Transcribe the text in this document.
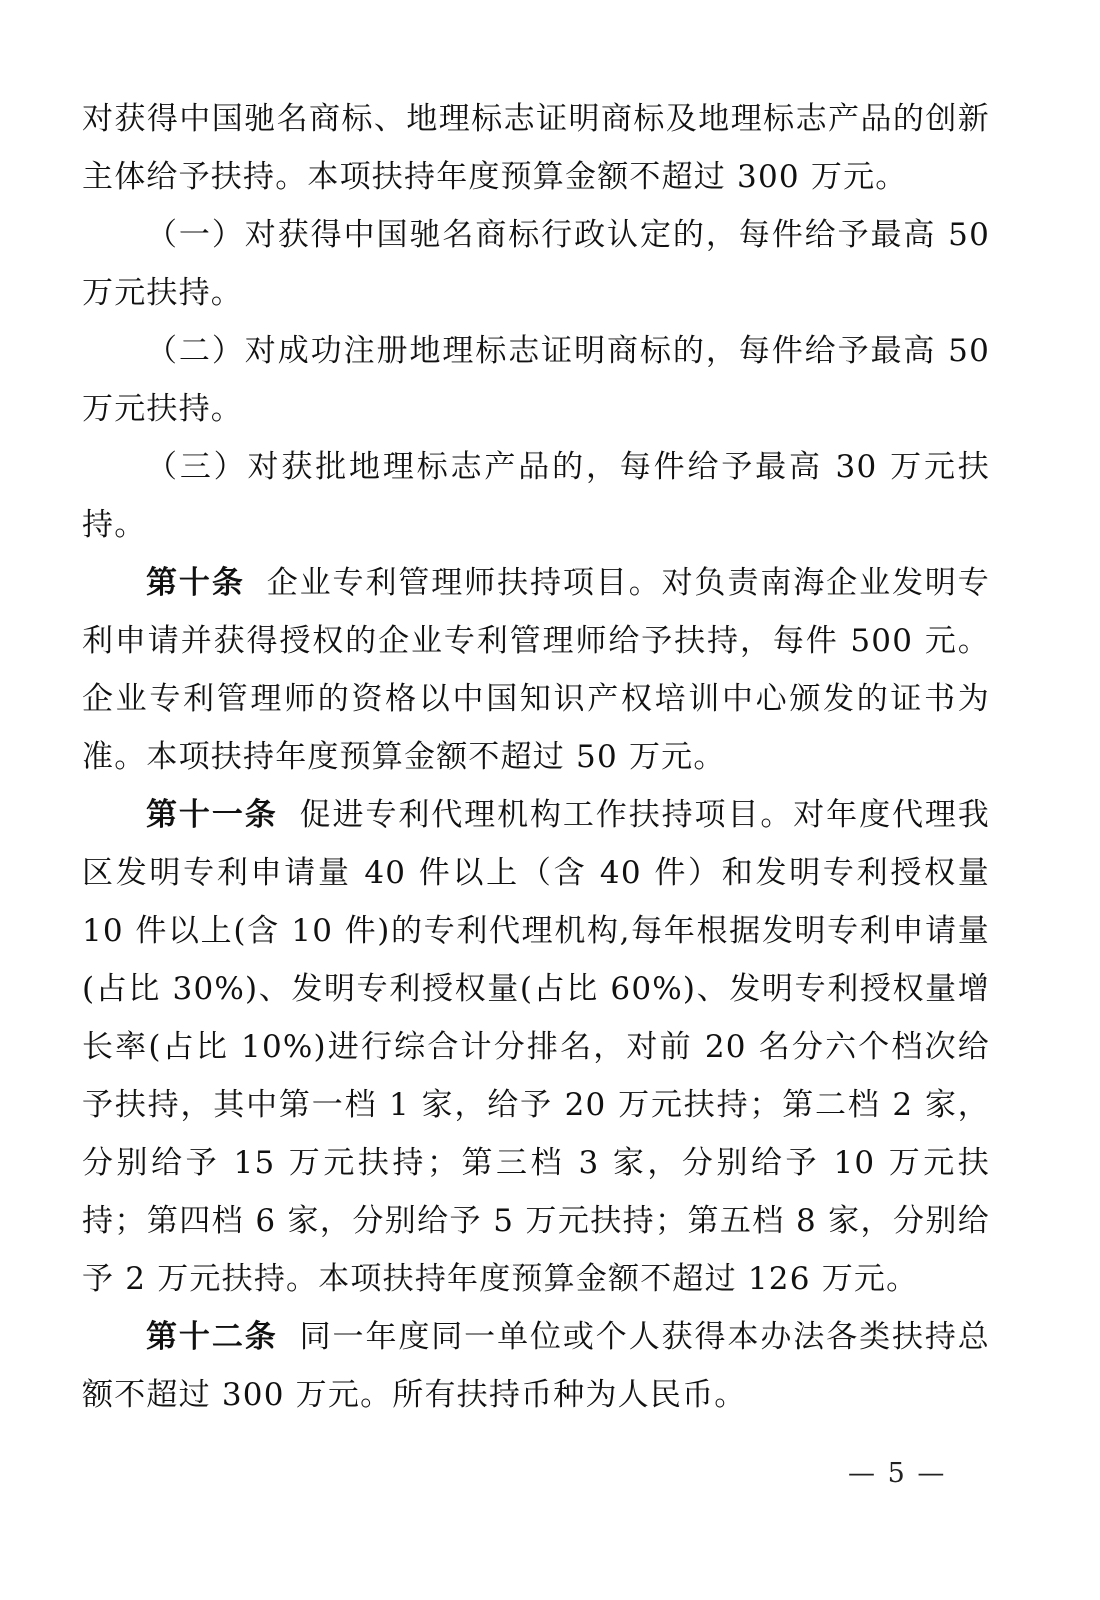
对获得中国驰名商标、地理标志证明商标及地理标志产品的创新主体给予扶持。本项扶持年度预算金额不超过 300 万元。

（一）对获得中国驰名商标行政认定的，每件给予最高 50 万元扶持。

（二）对成功注册地理标志证明商标的，每件给予最高 50 万元扶持。

（三）对获批地理标志产品的，每件给予最高 30 万元扶持。

第十条 企业专利管理师扶持项目。对负责南海企业发明专利申请并获得授权的企业专利管理师给予扶持，每件 500 元。企业专利管理师的资格以中国知识产权培训中心颁发的证书为准。本项扶持年度预算金额不超过 50 万元。

第十一条 促进专利代理机构工作扶持项目。对年度代理我区发明专利申请量 40 件以上（含 40 件）和发明专利授权量 10 件以上(含 10 件)的专利代理机构,每年根据发明专利申请量(占比 30%)、发明专利授权量(占比 60%)、发明专利授权量增长率(占比 10%)进行综合计分排名，对前 20 名分六个档次给予扶持，其中第一档 1 家，给予 20 万元扶持；第二档 2 家，分别给予 15 万元扶持；第三档 3 家，分别给予 10 万元扶持；第四档 6 家，分别给予 5 万元扶持；第五档 8 家，分别给予 2 万元扶持。本项扶持年度预算金额不超过 126 万元。

第十二条 同一年度同一单位或个人获得本办法各类扶持总额不超过 300 万元。所有扶持币种为人民币。

— 5 —
